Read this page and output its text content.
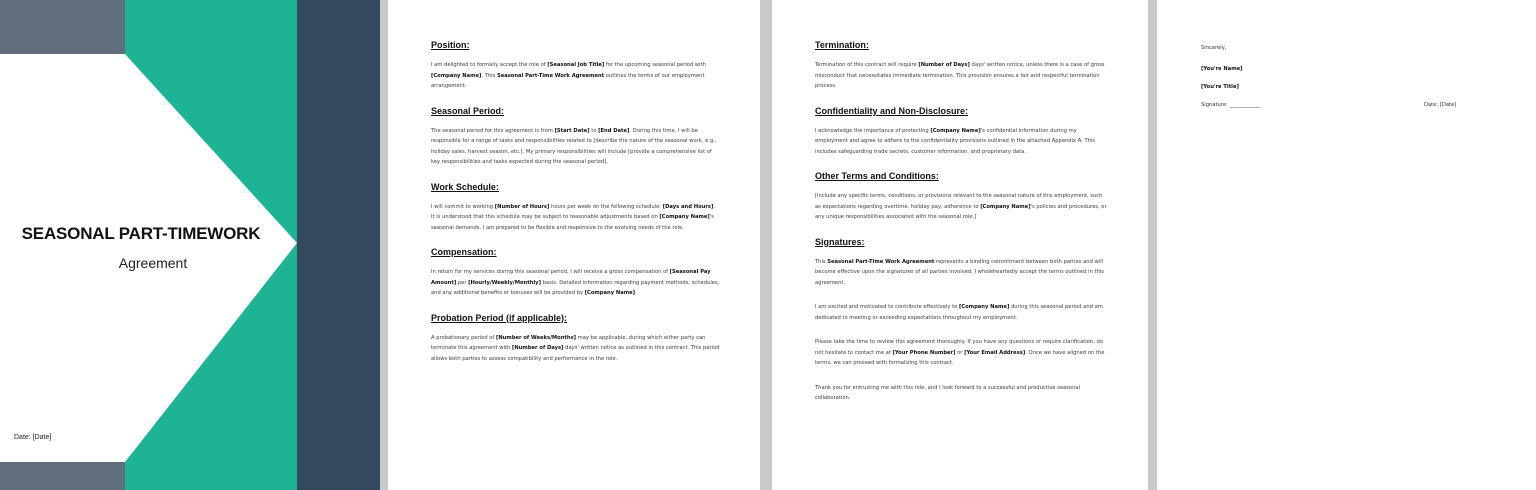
SEASONAL PART-TIMEWORK
Agreement
Date: [Date]
Position:
I am delighted to formally accept the role of [Seasonal Job Title] for the upcoming seasonal period with [Company Name]. This Seasonal Part-Time Work Agreement outlines the terms of our employment arrangement.
Seasonal Period:
The seasonal period for this agreement is from [Start Date] to [End Date]. During this time, I will be responsible for a range of tasks and responsibilities related to [describe the nature of the seasonal work, e.g., holiday sales, harvest season, etc.]. My primary responsibilities will include [provide a comprehensive list of key responsibilities and tasks expected during the seasonal period].
Work Schedule:
I will commit to working [Number of Hours] hours per week on the following schedule: [Days and Hours]. It is understood that this schedule may be subject to reasonable adjustments based on [Company Name]'s seasonal demands. I am prepared to be flexible and responsive to the evolving needs of the role.
Compensation:
In return for my services during this seasonal period, I will receive a gross compensation of [Seasonal Pay Amount] per [Hourly/Weekly/Monthly] basis. Detailed information regarding payment methods, schedules, and any additional benefits or bonuses will be provided by [Company Name].
Probation Period (if applicable):
A probationary period of [Number of Weeks/Months] may be applicable, during which either party can terminate this agreement with [Number of Days] days' written notice as outlined in this contract. This period allows both parties to assess compatibility and performance in the role.
Termination:
Termination of this contract will require [Number of Days] days' written notice, unless there is a case of gross misconduct that necessitates immediate termination. This provision ensures a fair and respectful termination process.
Confidentiality and Non-Disclosure:
I acknowledge the importance of protecting [Company Name]'s confidential information during my employment and agree to adhere to the confidentiality provisions outlined in the attached Appendix A. This includes safeguarding trade secrets, customer information, and proprietary data.
Other Terms and Conditions:
[Include any specific terms, conditions, or provisions relevant to the seasonal nature of this employment, such as expectations regarding overtime, holiday pay, adherence to [Company Name]'s policies and procedures, or any unique responsibilities associated with the seasonal role.]
Signatures:
This Seasonal Part-Time Work Agreement represents a binding commitment between both parties and will become effective upon the signatures of all parties involved. I wholeheartedly accept the terms outlined in this agreement.
I am excited and motivated to contribute effectively to [Company Name] during this seasonal period and am dedicated to meeting or exceeding expectations throughout my employment.
Please take the time to review this agreement thoroughly. If you have any questions or require clarification, do not hesitate to contact me at [Your Phone Number] or [Your Email Address]. Once we have aligned on the terms, we can proceed with formalizing this contract.
Thank you for entrusting me with this role, and I look forward to a successful and productive seasonal collaboration.
Sincerely,
[You're Name]
[You're Title]
Signature: ____________	Date: [Date]
